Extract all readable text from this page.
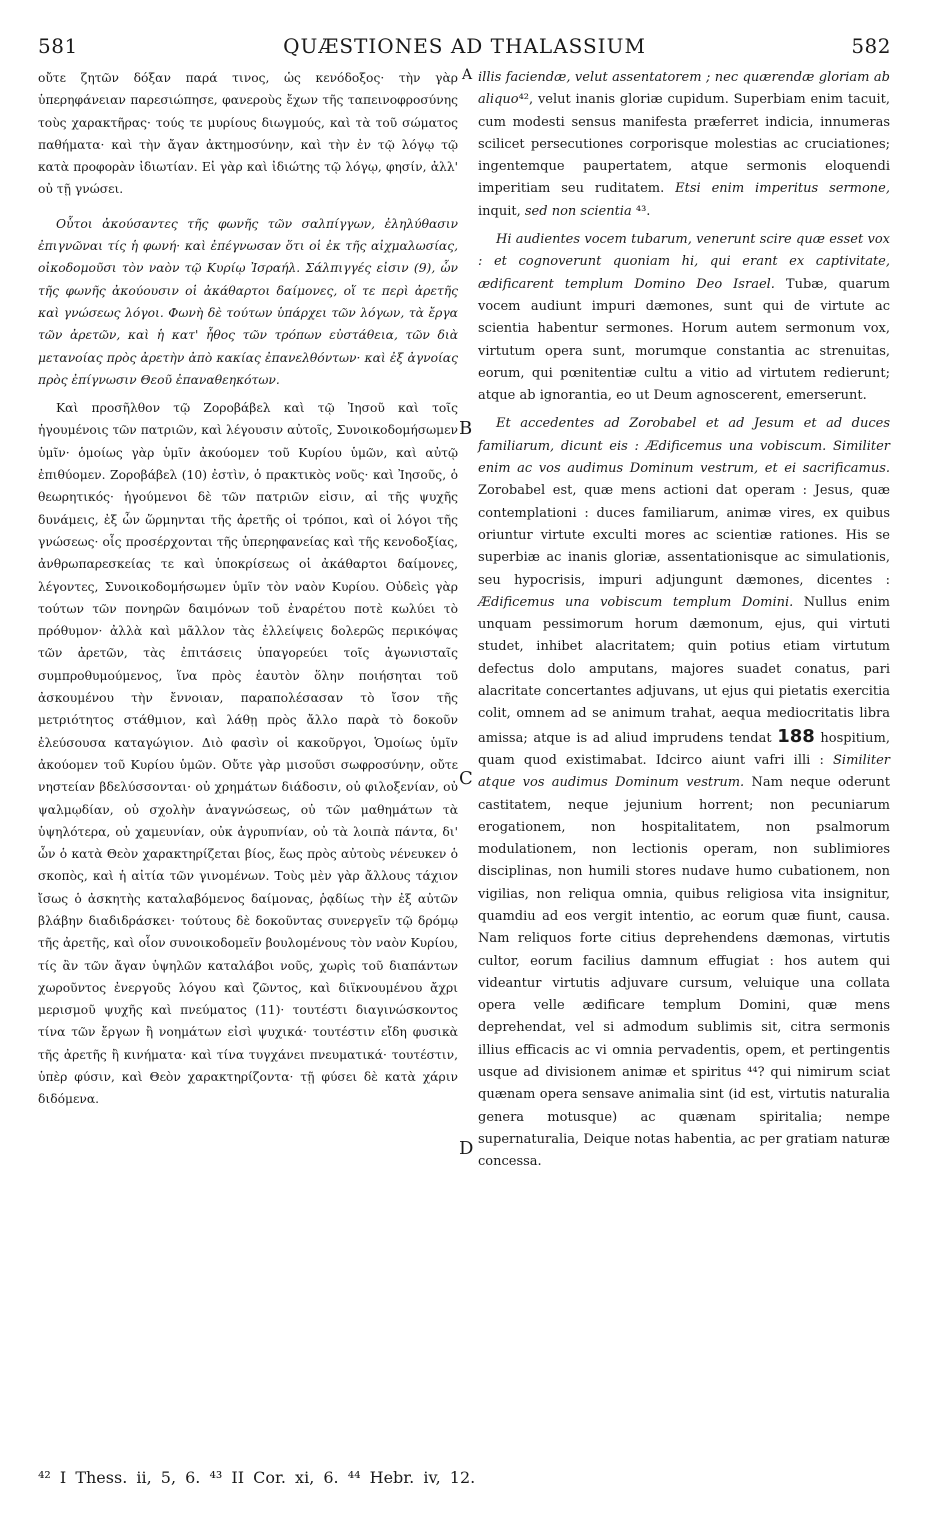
581	QUÆSTIONES AD THALASSIUM	582

οὔτε ζητῶν δόξαν παρά τινος, ὡς κενόδοξος· τὴν γὰρ ὑπερηφάνειαν παρεσιώπησε, φανεροὺς ἔχων τῆς ταπεινοφροσύνης τοὺς χαρακτῆρας· τούς τε μυρίους διωγμούς, καὶ τὰ τοῦ σώματος παθήματα· καὶ τὴν ἄγαν ἀκτημοσύνην, καὶ τὴν ἐν τῷ λόγῳ τῷ κατὰ προφορὰν ἰδιωτίαν. Εἰ γὰρ καὶ ἰδιώτης τῷ λόγῳ, φησίν, ἀλλ' οὐ τῇ γνώσει.

Οὗτοι ἀκούσαντες τῆς φωνῆς τῶν σαλπίγγων, ἐληλύθασιν ἐπιγνῶναι τίς ἡ φωνή· καὶ ἐπέγνωσαν ὅτι οἱ ἐκ τῆς αἰχμαλωσίας, οἰκοδομοῦσι τὸν ναὸν τῷ Κυρίῳ Ἰσραήλ. Σάλπιγγές εἰσιν (9), ὧν τῆς φωνῆς ἀκούουσιν οἱ ἀκάθαρτοι δαίμονες, οἵ τε περὶ ἀρετῆς καὶ γνώσεως λόγοι. Φωνὴ δὲ τούτων ὑπάρχει τῶν λόγων, τὰ ἔργα τῶν ἀρετῶν, καὶ ἡ κατ' ἦθος τῶν τρόπων εὐστάθεια, τῶν διὰ μετανοίας πρὸς ἀρετὴν ἀπὸ κακίας ἐπανελθόντων· καὶ ἐξ ἀγνοίας πρὸς ἐπίγνωσιν Θεοῦ ἐπαναθεηκότων.

Καὶ προσῆλθον τῷ Ζοροβάβελ καὶ τῷ Ἰησοῦ καὶ τοῖς ἡγουμένοις τῶν πατριῶν, καὶ λέγουσιν αὐτοῖς, Συνοικοδομήσωμεν ὑμῖν· ὁμοίως γὰρ ὑμῖν ἀκούομεν τοῦ Κυρίου ὑμῶν, καὶ αὐτῷ ἐπιθύομεν. Ζοροβάβελ (10) ἐστὶν, ὁ πρακτικὸς νοῦς· καὶ Ἰησοῦς, ὁ θεωρητικός· ἡγούμενοι δὲ τῶν πατριῶν εἰσιν, αἱ τῆς ψυχῆς δυνάμεις, ἐξ ὧν ὥρμηνται τῆς ἀρετῆς οἱ τρόποι, καὶ οἱ λόγοι τῆς γνώσεως· οἷς προσέρχονται τῆς ὑπερηφανείας καὶ τῆς κενοδοξίας, ἀνθρωπαρεσκείας τε καὶ ὑποκρίσεως οἱ ἀκάθαρτοι δαίμονες, λέγοντες, Συνοικοδομήσωμεν ὑμῖν τὸν ναὸν Κυρίου. Οὐδεὶς γὰρ τούτων τῶν πονηρῶν δαιμόνων τοῦ ἐναρέτου ποτὲ κωλύει τὸ πρόθυμον· ἀλλὰ καὶ μᾶλλον τὰς ἐλλείψεις δολερῶς περικόψας τῶν ἀρετῶν, τὰς ἐπιτάσεις ὑπαγορεύει τοῖς ἀγωνισταῖς συμπροθυμούμενος, ἵνα πρὸς ἑαυτὸν ὅλην ποιήσηται τοῦ ἀσκουμένου τὴν ἔννοιαν, παραπολέσασαν τὸ ἴσον τῆς μετριότητος στάθμιον, καὶ λάθῃ πρὸς ἄλλο παρὰ τὸ δοκοῦν ἐλεύσουσα καταγώγιον. Διὸ φασὶν οἱ κακοῦργοι, Ὁμοίως ὑμῖν ἀκούομεν τοῦ Κυρίου ὑμῶν. Οὔτε γὰρ μισοῦσι σωφροσύνην, οὔτε νηστείαν βδελύσσονται· οὐ χρημάτων διάδοσιν, οὐ φιλοξενίαν, οὐ ψαλμῳδίαν, οὐ σχολὴν ἀναγνώσεως, οὐ τῶν μαθημάτων τὰ ὑψηλότερα, οὐ χαμευνίαν, οὐκ ἀγρυπνίαν, οὐ τὰ λοιπὰ πάντα, δι' ὧν ὁ κατὰ Θεὸν χαρακτηρίζεται βίος, ἕως πρὸς αὐτοὺς νένευκεν ὁ σκοπὸς, καὶ ἡ αἰτία τῶν γινομένων. Τοὺς μὲν γὰρ ἄλλους τάχιον ἴσως ὁ ἀσκητὴς καταλαβόμενος δαίμονας, ῥᾳδίως τὴν ἐξ αὐτῶν βλάβην διαδιδράσκει· τούτους δὲ δοκοῦντας συνεργεῖν τῷ δρόμῳ τῆς ἀρετῆς, καὶ οἷον συνοικοδομεῖν βουλομένους τὸν ναὸν Κυρίου, τίς ἂν τῶν ἄγαν ὑψηλῶν καταλάβοι νοῦς, χωρὶς τοῦ διαπάντων χωροῦντος ἐνεργοῦς λόγου καὶ ζῶντος, καὶ διϊκνουμένου ἄχρι μερισμοῦ ψυχῆς καὶ πνεύματος (11)· τουτέστι διαγινώσκοντος τίνα τῶν ἔργων ἢ νοημάτων εἰσὶ ψυχικά· τουτέστιν εἴδη φυσικὰ τῆς ἀρετῆς ἢ κινήματα· καὶ τίνα τυγχάνει πνευματικά· τουτέστιν, ὑπὲρ φύσιν, καὶ Θεὸν χαρακτηρίζοντα· τῇ φύσει δὲ κατὰ χάριν διδόμενα.

A
B
C
D

illis faciendæ, velut assentatorem ; nec quærendæ gloriam ab aliquo⁴², velut inanis gloriæ cupidum. Superbiam enim tacuit, cum modesti sensus manifesta præferret indicia, innumeras scilicet persecutiones corporisque molestias ac cruciationes; ingentemque paupertatem, atque sermonis eloquendi imperitiam seu ruditatem. Etsi enim imperitus sermone, inquit, sed non scientia ⁴³.

Hi audientes vocem tubarum, venerunt scire quæ esset vox : et cognoverunt quoniam hi, qui erant ex captivitate, ædificarent templum Domino Deo Israel. Tubæ, quarum vocem audiunt impuri dæmones, sunt qui de virtute ac scientia habentur sermones. Horum autem sermonum vox, virtutum opera sunt, morumque constantia ac strenuitas, eorum, qui pœnitentiæ cultu a vitio ad virtutem redierunt; atque ab ignorantia, eo ut Deum agnoscerent, emerserunt.

Et accedentes ad Zorobabel et ad Jesum et ad duces familiarum, dicunt eis : Ædificemus una vobiscum. Similiter enim ac vos audimus Dominum vestrum, et ei sacrificamus. Zorobabel est, quæ mens actioni dat operam : Jesus, quæ contemplationi : duces familiarum, animæ vires, ex quibus oriuntur virtute exculti mores ac scientiæ rationes. His se superbiæ ac inanis gloriæ, assentationisque ac simulationis, seu hypocrisis, impuri adjungunt dæmones, dicentes : Ædificemus una vobiscum templum Domini. Nullus enim unquam pessimorum horum dæmonum, ejus, qui virtuti studet, inhibet alacritatem; quin potius etiam virtutum defectus dolo amputans, majores suadet conatus, pari alacritate concertantes adjuvans, ut ejus qui pietatis exercitia colit, omnem ad se animum trahat, aequa mediocritatis libra amissa; atque is ad aliud imprudens tendat 188 hospitium, quam quod existimabat. Idcirco aiunt vafri illi : Similiter atque vos audimus Dominum vestrum. Nam neque oderunt castitatem, neque jejunium horrent; non pecuniarum erogationem, non hospitalitatem, non psalmorum modulationem, non lectionis operam, non sublimiores disciplinas, non humili stores nudave humo cubationem, non vigilias, non reliqua omnia, quibus religiosa vita insignitur, quamdiu ad eos vergit intentio, ac eorum quæ fiunt, causa. Nam reliquos forte citius deprehendens dæmonas, virtutis cultor, eorum facilius damnum effugiat : hos autem qui videantur virtutis adjuvare cursum, veluique una collata opera velle ædificare templum Domini, quæ mens deprehendat, vel si admodum sublimis sit, citra sermonis illius efficacis ac vi omnia pervadentis, opem, et pertingentis usque ad divisionem animæ et spiritus ⁴⁴? qui nimirum sciat quænam opera sensave animalia sint (id est, virtutis naturalia genera motusque) ac quænam spiritalia; nempe supernaturalia, Deique notas habentia, ac per gratiam naturæ concessa.

⁴² I Thess. ii, 5, 6. ⁴³ II Cor. xi, 6. ⁴⁴ Hebr. iv, 12.
